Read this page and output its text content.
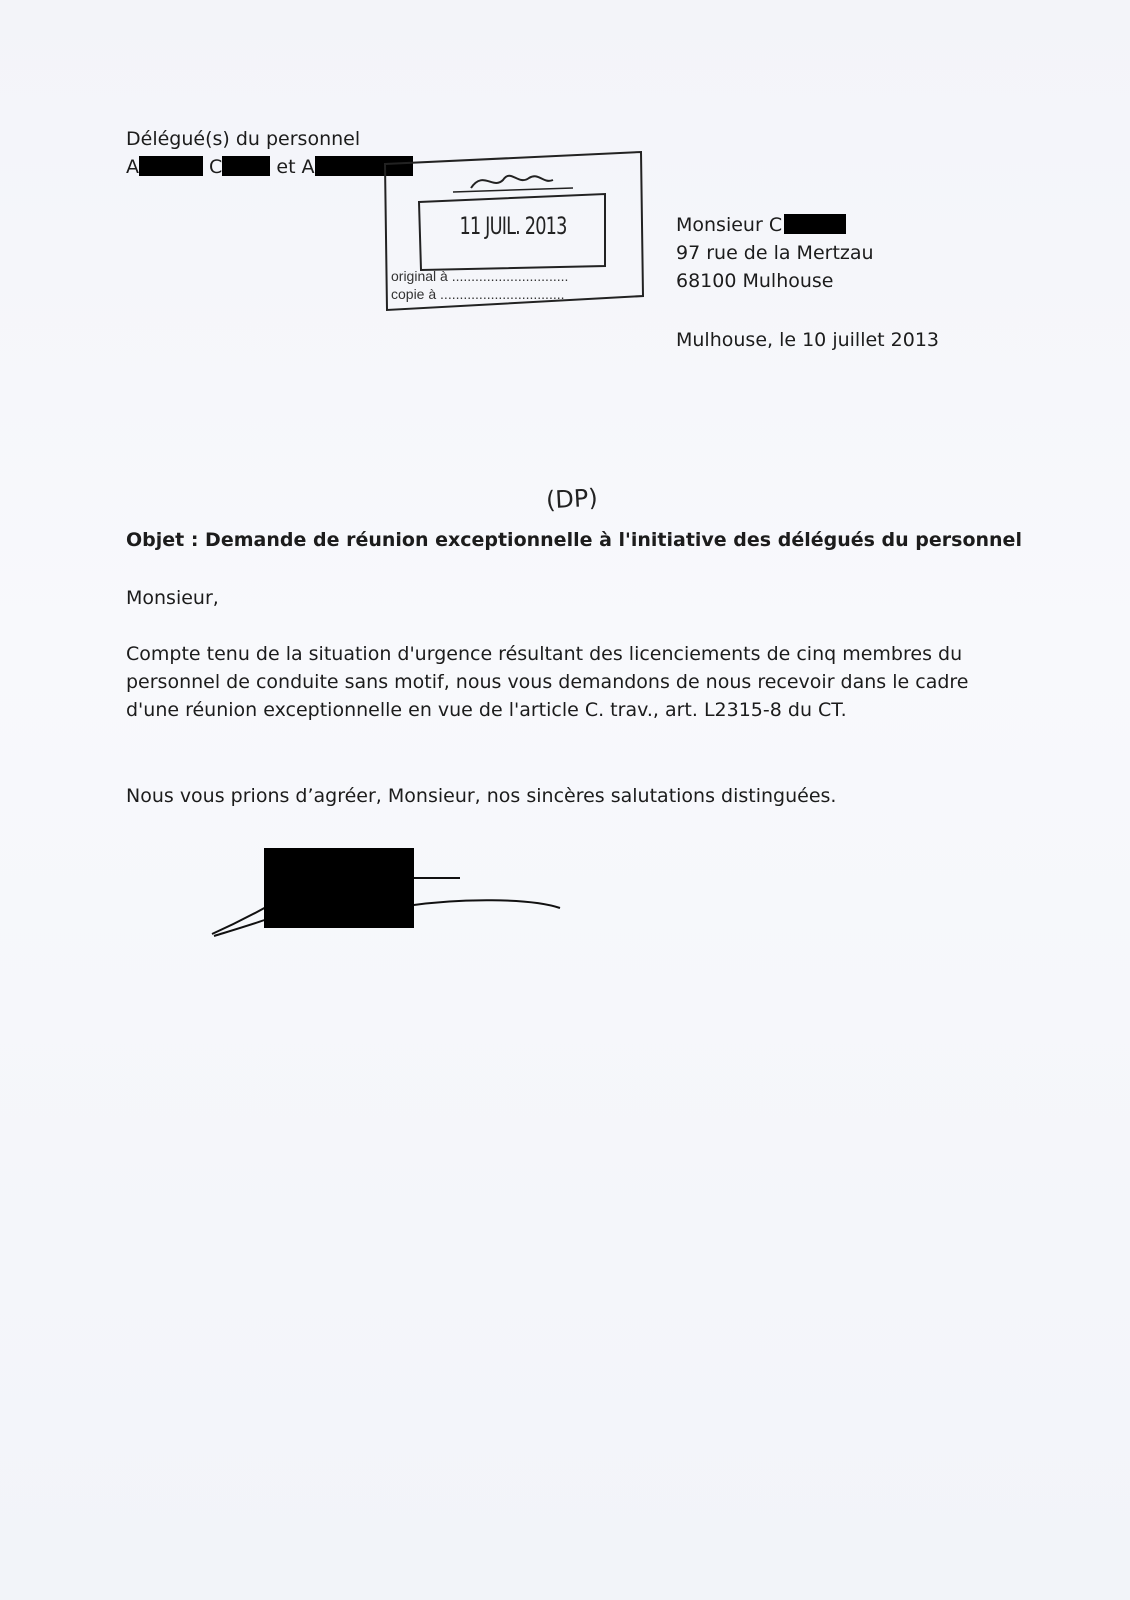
Délégué(s) du personnel
A	C	et A
11 JUIL. 2013
original à ..............................
copie à ................................
Monsieur C
97 rue de la Mertzau
68100 Mulhouse
Mulhouse, le 10 juillet 2013
(DP)
Objet : Demande de réunion exceptionnelle à l'initiative des délégués du personnel
Monsieur,
Compte tenu de la situation d'urgence résultant des licenciements de cinq membres du
personnel de conduite sans motif, nous vous demandons de nous recevoir dans le cadre
d'une réunion exceptionnelle en vue de l'article C. trav., art. L2315-8 du CT.
Nous vous prions d’agréer, Monsieur, nos sincères salutations distinguées.
